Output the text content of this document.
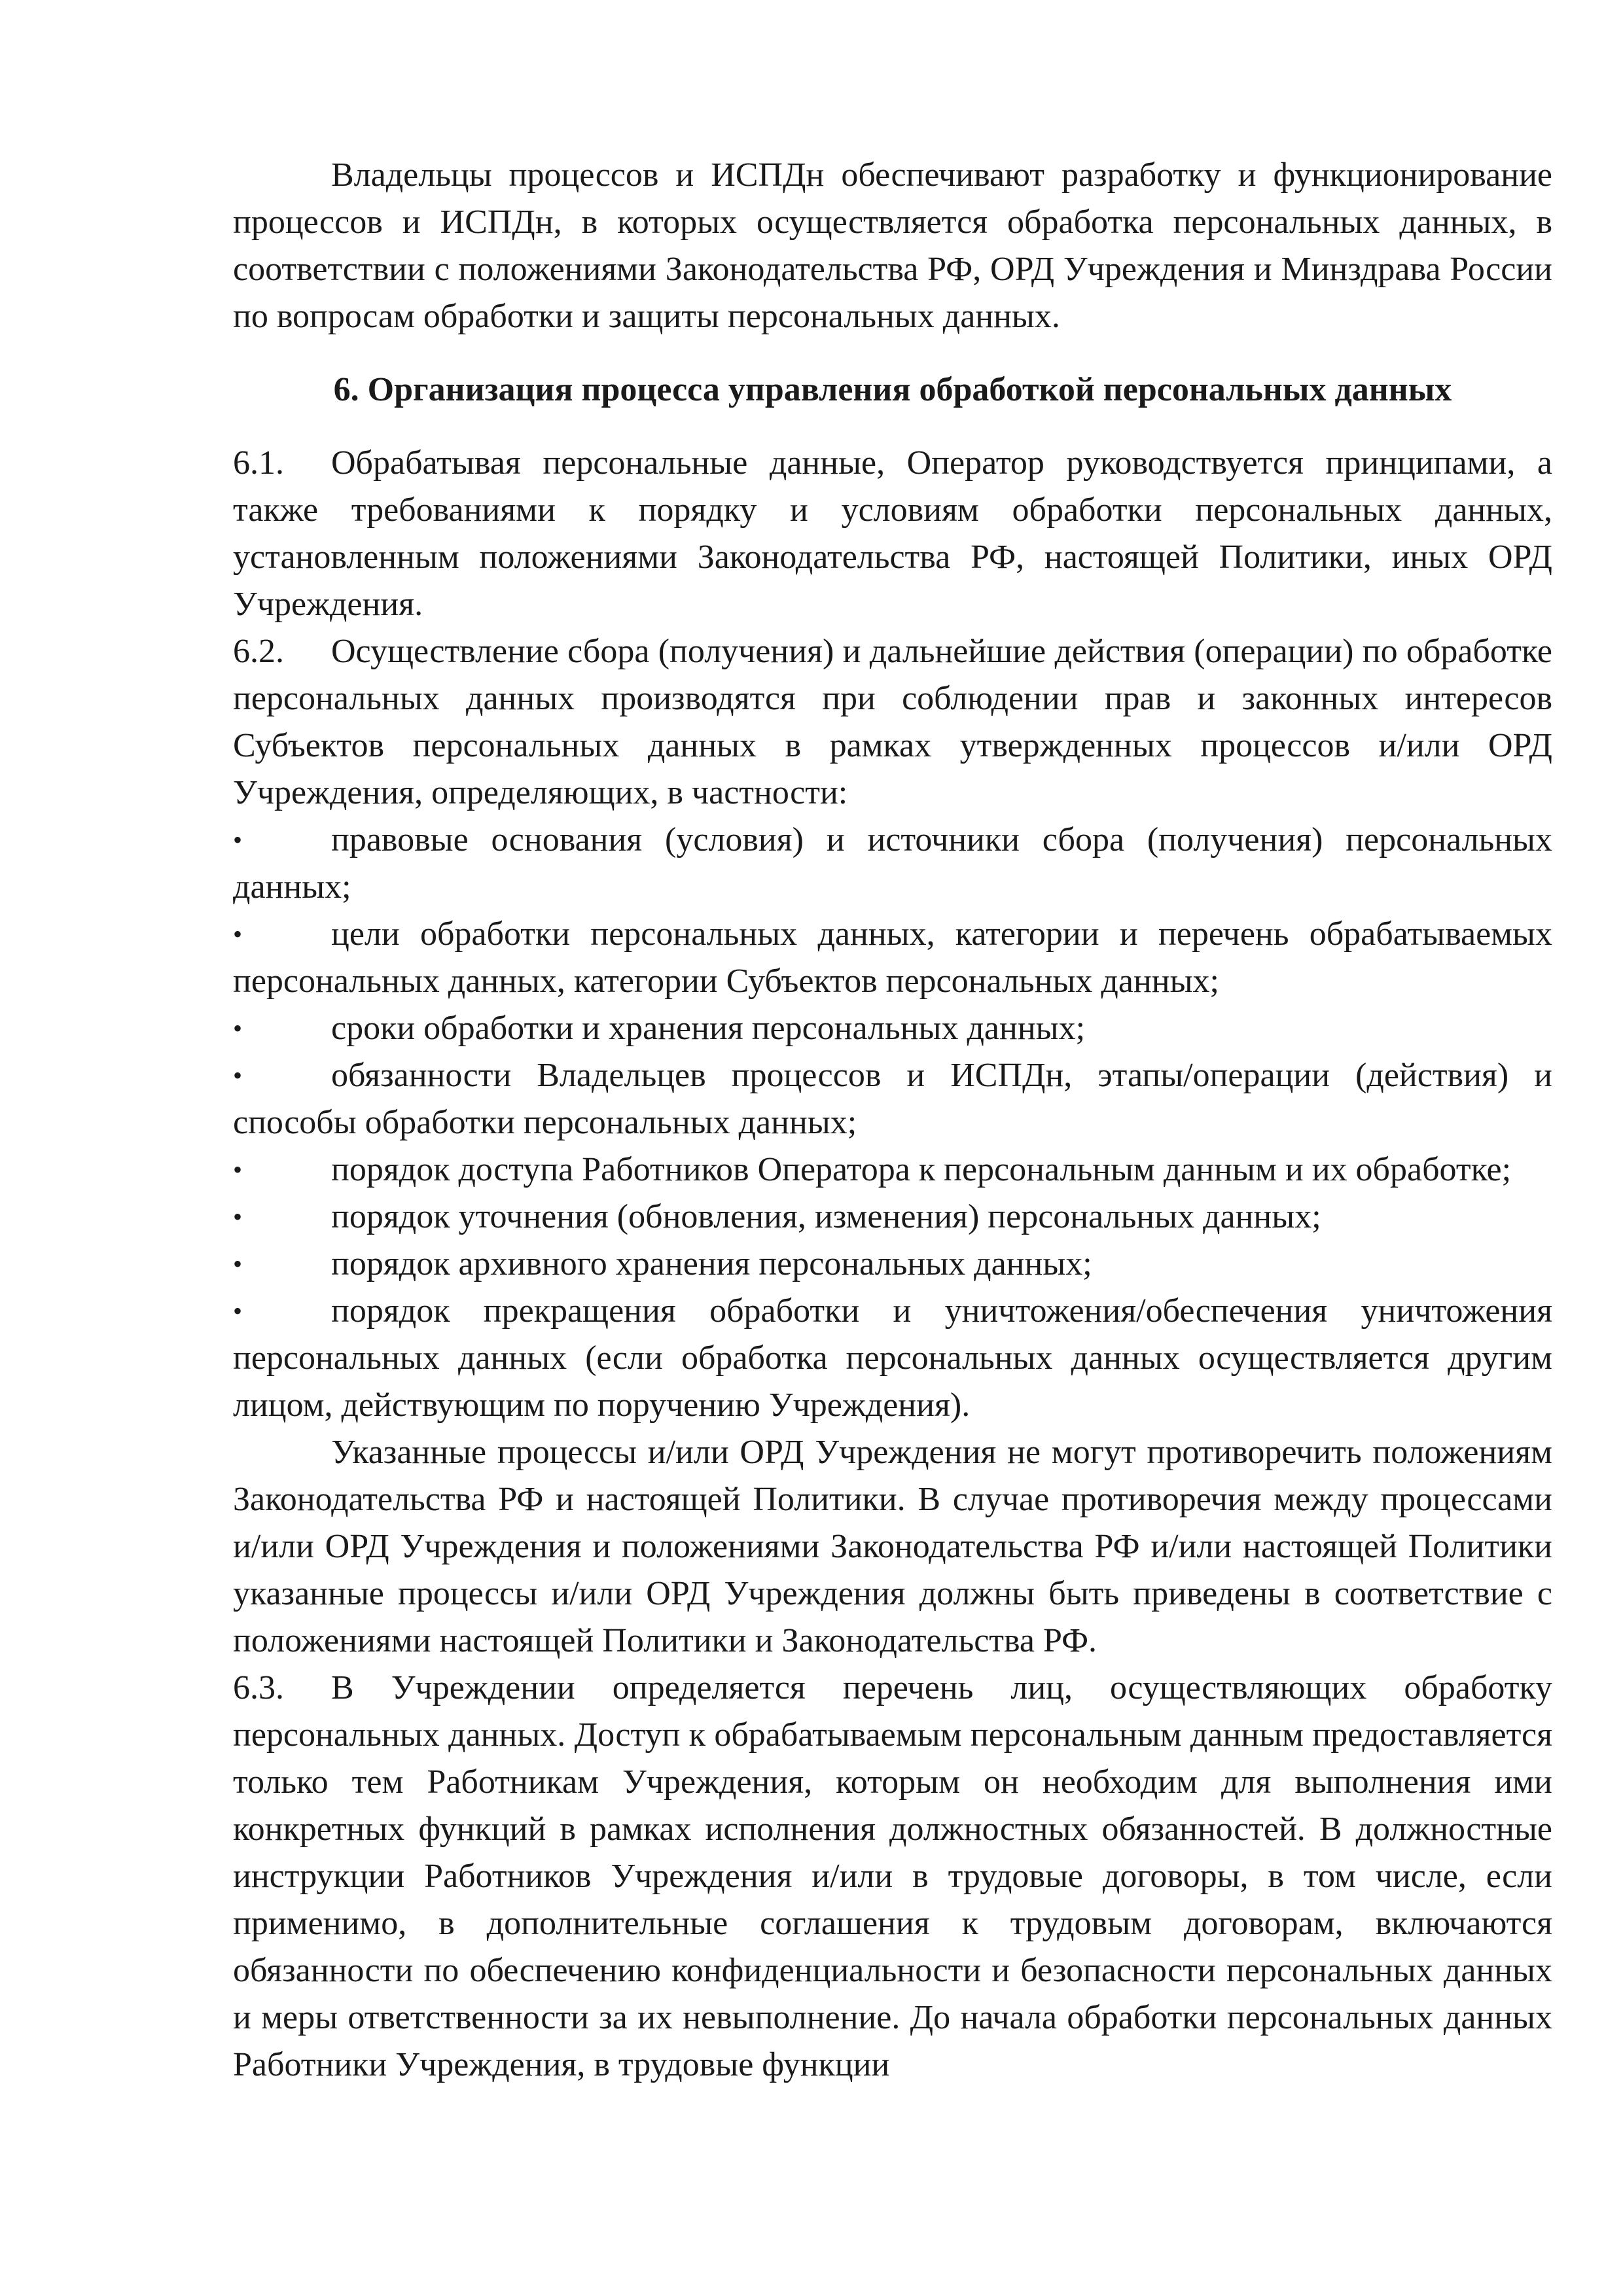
Владельцы процессов и ИСПДн обеспечивают разработку и функционирование процессов и ИСПДн, в которых осуществляется обработка персональных данных, в соответствии с положениями Законодательства РФ, ОРД Учреждения и Минздрава России по вопросам обработки и защиты персональных данных.

6. Организация процесса управления обработкой персональных данных

6.1. Обрабатывая персональные данные, Оператор руководствуется принципами, а также требованиями к порядку и условиям обработки персональных данных, установленным положениями Законодательства РФ, настоящей Политики, иных ОРД Учреждения.

6.2. Осуществление сбора (получения) и дальнейшие действия (операции) по обработке персональных данных производятся при соблюдении прав и законных интересов Субъектов персональных данных в рамках утвержденных процессов и/или ОРД Учреждения, определяющих, в частности:

•	правовые основания (условия) и источники сбора (получения) персональных данных;

•	цели обработки персональных данных, категории и перечень обрабатываемых персональных данных, категории Субъектов персональных данных;

•	сроки обработки и хранения персональных данных;

•	обязанности Владельцев процессов и ИСПДн, этапы/операции (действия) и способы обработки персональных данных;

•	порядок доступа Работников Оператора к персональным данным и их обработке;

•	порядок уточнения (обновления, изменения) персональных данных;

•	порядок архивного хранения персональных данных;

•	порядок прекращения обработки и уничтожения/обеспечения уничтожения персональных данных (если обработка персональных данных осуществляется другим лицом, действующим по поручению Учреждения).

Указанные процессы и/или ОРД Учреждения не могут противоречить положениям Законодательства РФ и настоящей Политики. В случае противоречия между процессами и/или ОРД Учреждения и положениями Законодательства РФ и/или настоящей Политики указанные процессы и/или ОРД Учреждения должны быть приведены в соответствие с положениями настоящей Политики и Законодательства РФ.

6.3. В Учреждении определяется перечень лиц, осуществляющих обработку персональных данных. Доступ к обрабатываемым персональным данным предоставляется только тем Работникам Учреждения, которым он необходим для выполнения ими конкретных функций в рамках исполнения должностных обязанностей. В должностные инструкции Работников Учреждения и/или в трудовые договоры, в том числе, если применимо, в дополнительные соглашения к трудовым договорам, включаются обязанности по обеспечению конфиденциальности и безопасности персональных данных и меры ответственности за их невыполнение. До начала обработки персональных данных Работники Учреждения, в трудовые функции
